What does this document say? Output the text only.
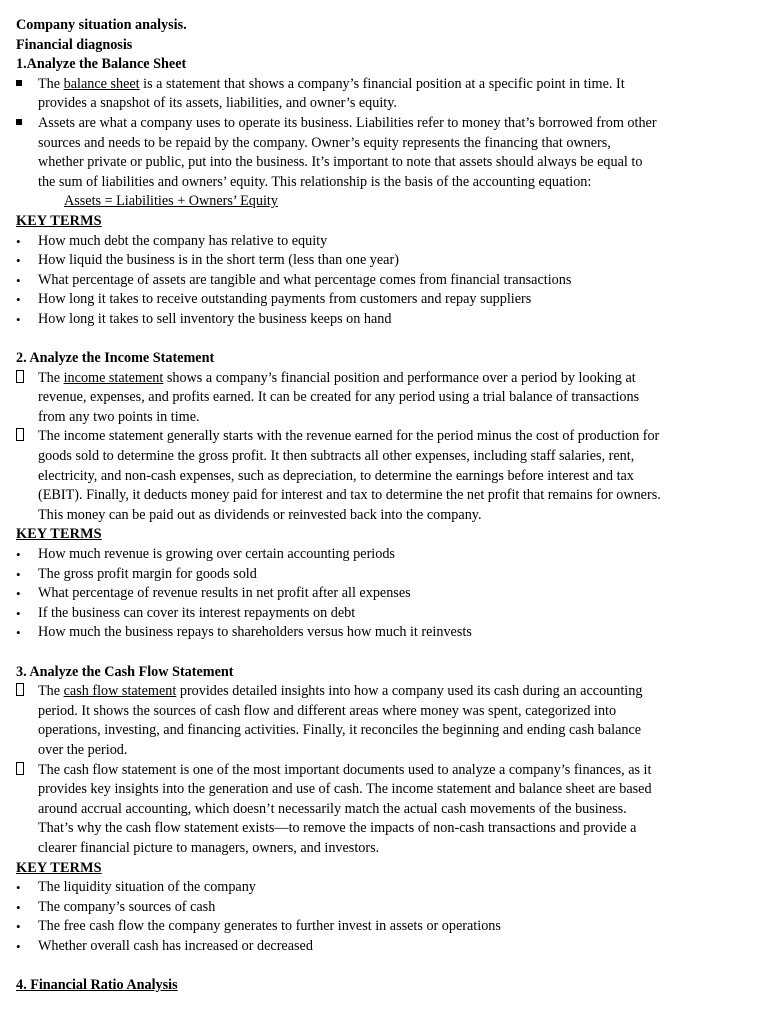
Company situation analysis.
Financial diagnosis
1.Analyze the Balance Sheet
The balance sheet is a statement that shows a company’s financial position at a specific point in time. It
provides a snapshot of its assets, liabilities, and owner’s equity.
Assets are what a company uses to operate its business. Liabilities refer to money that’s borrowed from other
sources and needs to be repaid by the company. Owner’s equity represents the financing that owners,
whether private or public, put into the business. It’s important to note that assets should always be equal to
the sum of liabilities and owners’ equity. This relationship is the basis of the accounting equation:
Assets = Liabilities + Owners’ Equity
KEY TERMS
•	How much debt the company has relative to equity
•	How liquid the business is in the short term (less than one year)
•	What percentage of assets are tangible and what percentage comes from financial transactions
•	How long it takes to receive outstanding payments from customers and repay suppliers
•	How long it takes to sell inventory the business keeps on hand
2. Analyze the Income Statement
The income statement shows a company’s financial position and performance over a period by looking at
revenue, expenses, and profits earned. It can be created for any period using a trial balance of transactions
from any two points in time.
The income statement generally starts with the revenue earned for the period minus the cost of production for
goods sold to determine the gross profit. It then subtracts all other expenses, including staff salaries, rent,
electricity, and non-cash expenses, such as depreciation, to determine the earnings before interest and tax
(EBIT). Finally, it deducts money paid for interest and tax to determine the net profit that remains for owners.
This money can be paid out as dividends or reinvested back into the company.
KEY TERMS
•	How much revenue is growing over certain accounting periods
•	The gross profit margin for goods sold
•	What percentage of revenue results in net profit after all expenses
•	If the business can cover its interest repayments on debt
•	How much the business repays to shareholders versus how much it reinvests
3. Analyze the Cash Flow Statement
The cash flow statement provides detailed insights into how a company used its cash during an accounting
period. It shows the sources of cash flow and different areas where money was spent, categorized into
operations, investing, and financing activities. Finally, it reconciles the beginning and ending cash balance
over the period.
The cash flow statement is one of the most important documents used to analyze a company’s finances, as it
provides key insights into the generation and use of cash. The income statement and balance sheet are based
around accrual accounting, which doesn’t necessarily match the actual cash movements of the business.
That’s why the cash flow statement exists—to remove the impacts of non-cash transactions and provide a
clearer financial picture to managers, owners, and investors.
KEY TERMS
•	The liquidity situation of the company
•	The company’s sources of cash
•	The free cash flow the company generates to further invest in assets or operations
•	Whether overall cash has increased or decreased
4. Financial Ratio Analysis
